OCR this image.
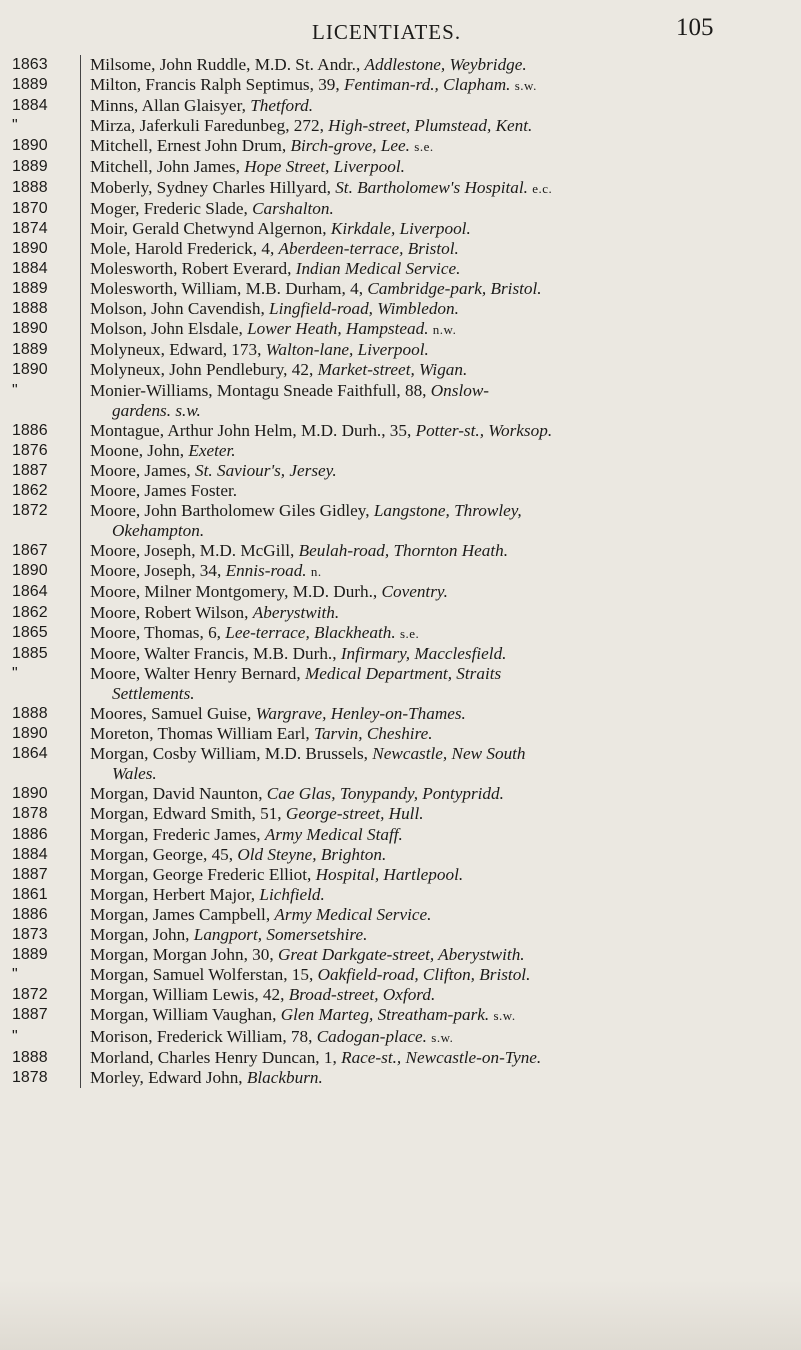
LICENTIATES.	105
1863	Milsome, John Ruddle, M.D. St. Andr., Addlestone, Weybridge.
1889	Milton, Francis Ralph Septimus, 39, Fentiman-rd., Clapham. s.w.
1884	Minns, Allan Glaisyer, Thetford.
"	Mirza, Jaferkuli Faredunbeg, 272, High-street, Plumstead, Kent.
1890	Mitchell, Ernest John Drum, Birch-grove, Lee. s.e.
1889	Mitchell, John James, Hope Street, Liverpool.
1888	Moberly, Sydney Charles Hillyard, St. Bartholomew's Hospital. e.c.
1870	Moger, Frederic Slade, Carshalton.
1874	Moir, Gerald Chetwynd Algernon, Kirkdale, Liverpool.
1890	Mole, Harold Frederick, 4, Aberdeen-terrace, Bristol.
1884	Molesworth, Robert Everard, Indian Medical Service.
1889	Molesworth, William, M.B. Durham, 4, Cambridge-park, Bristol.
1888	Molson, John Cavendish, Lingfield-road, Wimbledon.
1890	Molson, John Elsdale, Lower Heath, Hampstead. n.w.
1889	Molyneux, Edward, 173, Walton-lane, Liverpool.
1890	Molyneux, John Pendlebury, 42, Market-street, Wigan.
"	Monier-Williams, Montagu Sneade Faithfull, 88, Onslow-
gardens. s.w.
1886	Montague, Arthur John Helm, M.D. Durh., 35, Potter-st., Worksop.
1876	Moone, John, Exeter.
1887	Moore, James, St. Saviour's, Jersey.
1862	Moore, James Foster.
1872	Moore, John Bartholomew Giles Gidley, Langstone, Throwley,
Okehampton.
1867	Moore, Joseph, M.D. McGill, Beulah-road, Thornton Heath.
1890	Moore, Joseph, 34, Ennis-road. n.
1864	Moore, Milner Montgomery, M.D. Durh., Coventry.
1862	Moore, Robert Wilson, Aberystwith.
1865	Moore, Thomas, 6, Lee-terrace, Blackheath. s.e.
1885	Moore, Walter Francis, M.B. Durh., Infirmary, Macclesfield.
"	Moore, Walter Henry Bernard, Medical Department, Straits
Settlements.
1888	Moores, Samuel Guise, Wargrave, Henley-on-Thames.
1890	Moreton, Thomas William Earl, Tarvin, Cheshire.
1864	Morgan, Cosby William, M.D. Brussels, Newcastle, New South
Wales.
1890	Morgan, David Naunton, Cae Glas, Tonypandy, Pontypridd.
1878	Morgan, Edward Smith, 51, George-street, Hull.
1886	Morgan, Frederic James, Army Medical Staff.
1884	Morgan, George, 45, Old Steyne, Brighton.
1887	Morgan, George Frederic Elliot, Hospital, Hartlepool.
1861	Morgan, Herbert Major, Lichfield.
1886	Morgan, James Campbell, Army Medical Service.
1873	Morgan, John, Langport, Somersetshire.
1889	Morgan, Morgan John, 30, Great Darkgate-street, Aberystwith.
"	Morgan, Samuel Wolferstan, 15, Oakfield-road, Clifton, Bristol.
1872	Morgan, William Lewis, 42, Broad-street, Oxford.
1887	Morgan, William Vaughan, Glen Marteg, Streatham-park. s.w.
"	Morison, Frederick William, 78, Cadogan-place. s.w.
1888	Morland, Charles Henry Duncan, 1, Race-st., Newcastle-on-Tyne.
1878	Morley, Edward John, Blackburn.
